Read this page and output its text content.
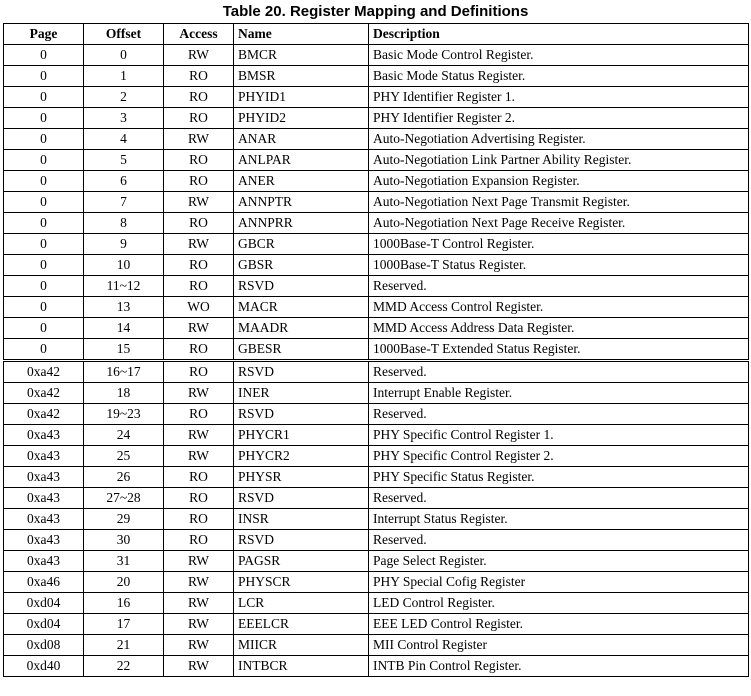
Table 20. Register Mapping and Definitions
Page	Offset	Access	Name	Description
0	0	RW	BMCR	Basic Mode Control Register.
0	1	RO	BMSR	Basic Mode Status Register.
0	2	RO	PHYID1	PHY Identifier Register 1.
0	3	RO	PHYID2	PHY Identifier Register 2.
0	4	RW	ANAR	Auto-Negotiation Advertising Register.
0	5	RO	ANLPAR	Auto-Negotiation Link Partner Ability Register.
0	6	RO	ANER	Auto-Negotiation Expansion Register.
0	7	RW	ANNPTR	Auto-Negotiation Next Page Transmit Register.
0	8	RO	ANNPRR	Auto-Negotiation Next Page Receive Register.
0	9	RW	GBCR	1000Base-T Control Register.
0	10	RO	GBSR	1000Base-T Status Register.
0	11~12	RO	RSVD	Reserved.
0	13	WO	MACR	MMD Access Control Register.
0	14	RW	MAADR	MMD Access Address Data Register.
0	15	RO	GBESR	1000Base-T Extended Status Register.
0xa42	16~17	RO	RSVD	Reserved.
0xa42	18	RW	INER	Interrupt Enable Register.
0xa42	19~23	RO	RSVD	Reserved.
0xa43	24	RW	PHYCR1	PHY Specific Control Register 1.
0xa43	25	RW	PHYCR2	PHY Specific Control Register 2.
0xa43	26	RO	PHYSR	PHY Specific Status Register.
0xa43	27~28	RO	RSVD	Reserved.
0xa43	29	RO	INSR	Interrupt Status Register.
0xa43	30	RO	RSVD	Reserved.
0xa43	31	RW	PAGSR	Page Select Register.
0xa46	20	RW	PHYSCR	PHY Special Cofig Register
0xd04	16	RW	LCR	LED Control Register.
0xd04	17	RW	EEELCR	EEE LED Control Register.
0xd08	21	RW	MIICR	MII Control Register
0xd40	22	RW	INTBCR	INTB Pin Control Register.
